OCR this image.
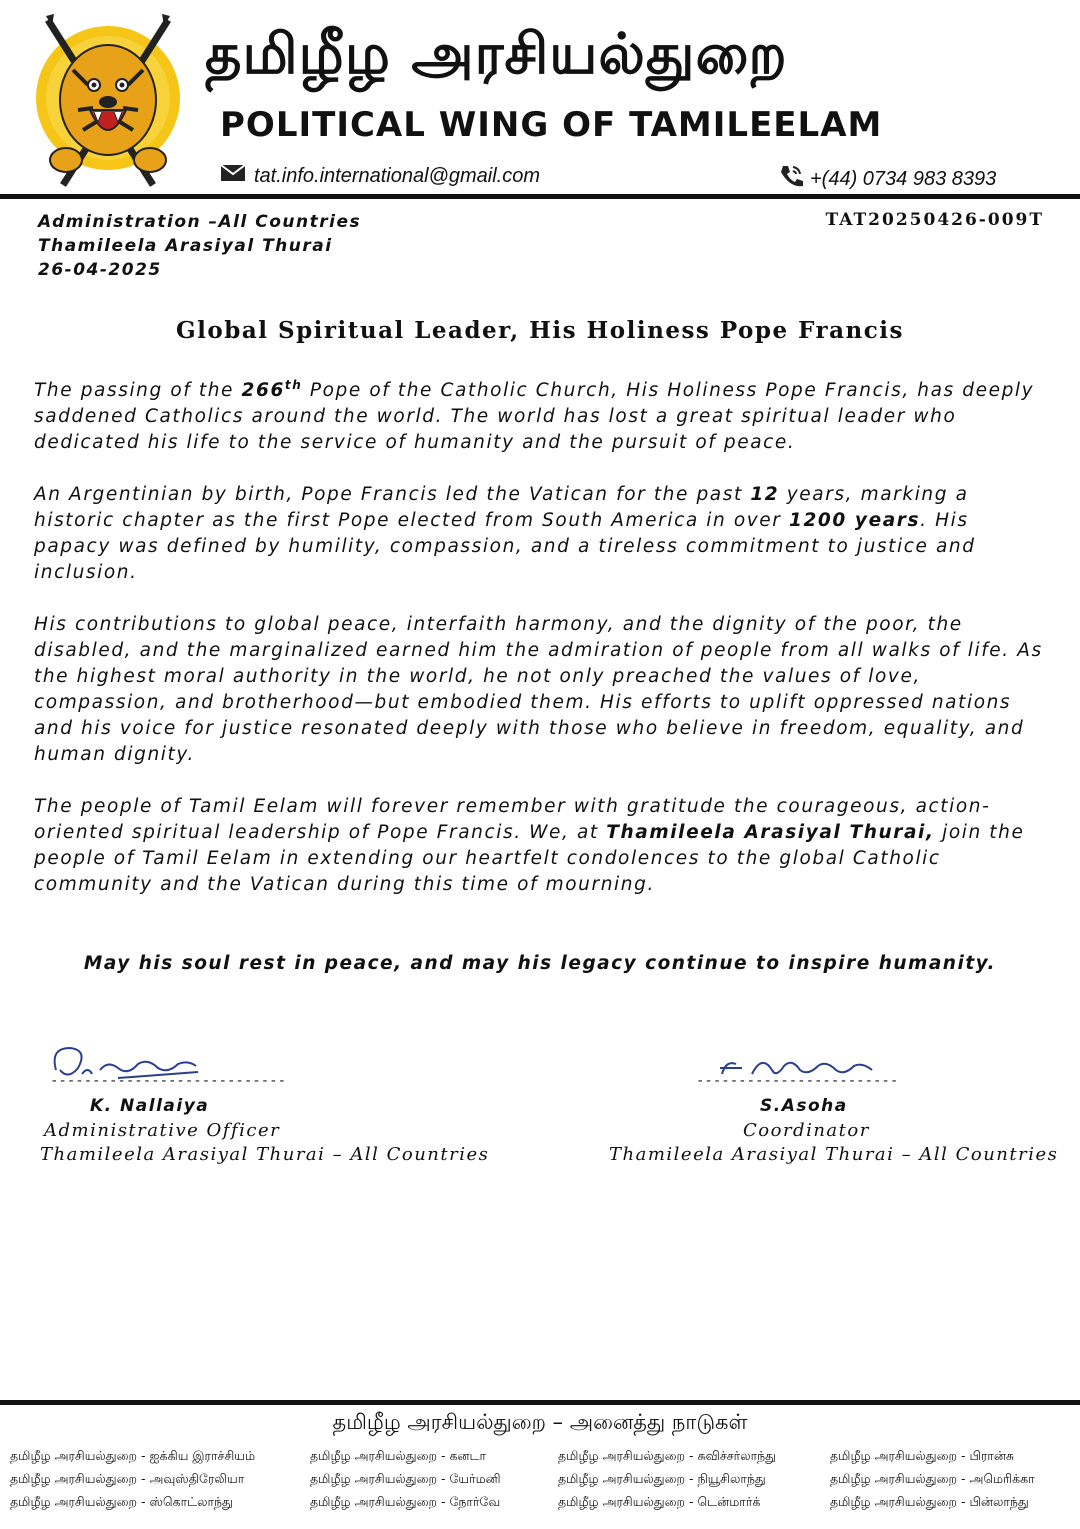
தமிழீழ அரசியல்துறை
POLITICAL WING OF TAMILEELAM
tat.info.international@gmail.com	+(44) 0734 983 8393
Administration –All Countries
Thamileela Arasiyal Thurai
26-04-2025
TAT20250426-009T
Global Spiritual Leader, His Holiness Pope Francis

The passing of the 266th Pope of the Catholic Church, His Holiness Pope Francis, has deeply saddened Catholics around the world. The world has lost a great spiritual leader who dedicated his life to the service of humanity and the pursuit of peace.

An Argentinian by birth, Pope Francis led the Vatican for the past 12 years, marking a historic chapter as the first Pope elected from South America in over 1200 years. His papacy was defined by humility, compassion, and a tireless commitment to justice and inclusion.

His contributions to global peace, interfaith harmony, and the dignity of the poor, the disabled, and the marginalized earned him the admiration of people from all walks of life. As the highest moral authority in the world, he not only preached the values of love, compassion, and brotherhood—but embodied them. His efforts to uplift oppressed nations and his voice for justice resonated deeply with those who believe in freedom, equality, and human dignity.

The people of Tamil Eelam will forever remember with gratitude the courageous, action-oriented spiritual leadership of Pope Francis. We, at Thamileela Arasiyal Thurai, join the people of Tamil Eelam in extending our heartfelt condolences to the global Catholic community and the Vatican during this time of mourning.

May his soul rest in peace, and may his legacy continue to inspire humanity.
----------------------------
K. Nallaiya
Administrative Officer
Thamileela Arasiyal Thurai – All Countries
------------------------
S.Asoha
Coordinator
Thamileela Arasiyal Thurai – All Countries
தமிழீழ அரசியல்துறை – அனைத்து நாடுகள்
தமிழீழ அரசியல்துறை - ஐக்கிய இராச்சியம்	தமிழீழ அரசியல்துறை - கனடா	தமிழீழ அரசியல்துறை - சுவிச்சர்லாந்து	தமிழீழ அரசியல்துறை - பிரான்சு
தமிழீழ அரசியல்துறை - அவுஸ்திரேலியா	தமிழீழ அரசியல்துறை - யேர்மனி	தமிழீழ அரசியல்துறை - நியூசிலாந்து	தமிழீழ அரசியல்துறை - அமெரிக்கா
தமிழீழ அரசியல்துறை - ஸ்கொட்லாந்து	தமிழீழ அரசியல்துறை - நோர்வே	தமிழீழ அரசியல்துறை - டென்மார்க்	தமிழீழ அரசியல்துறை - பின்லாந்து
